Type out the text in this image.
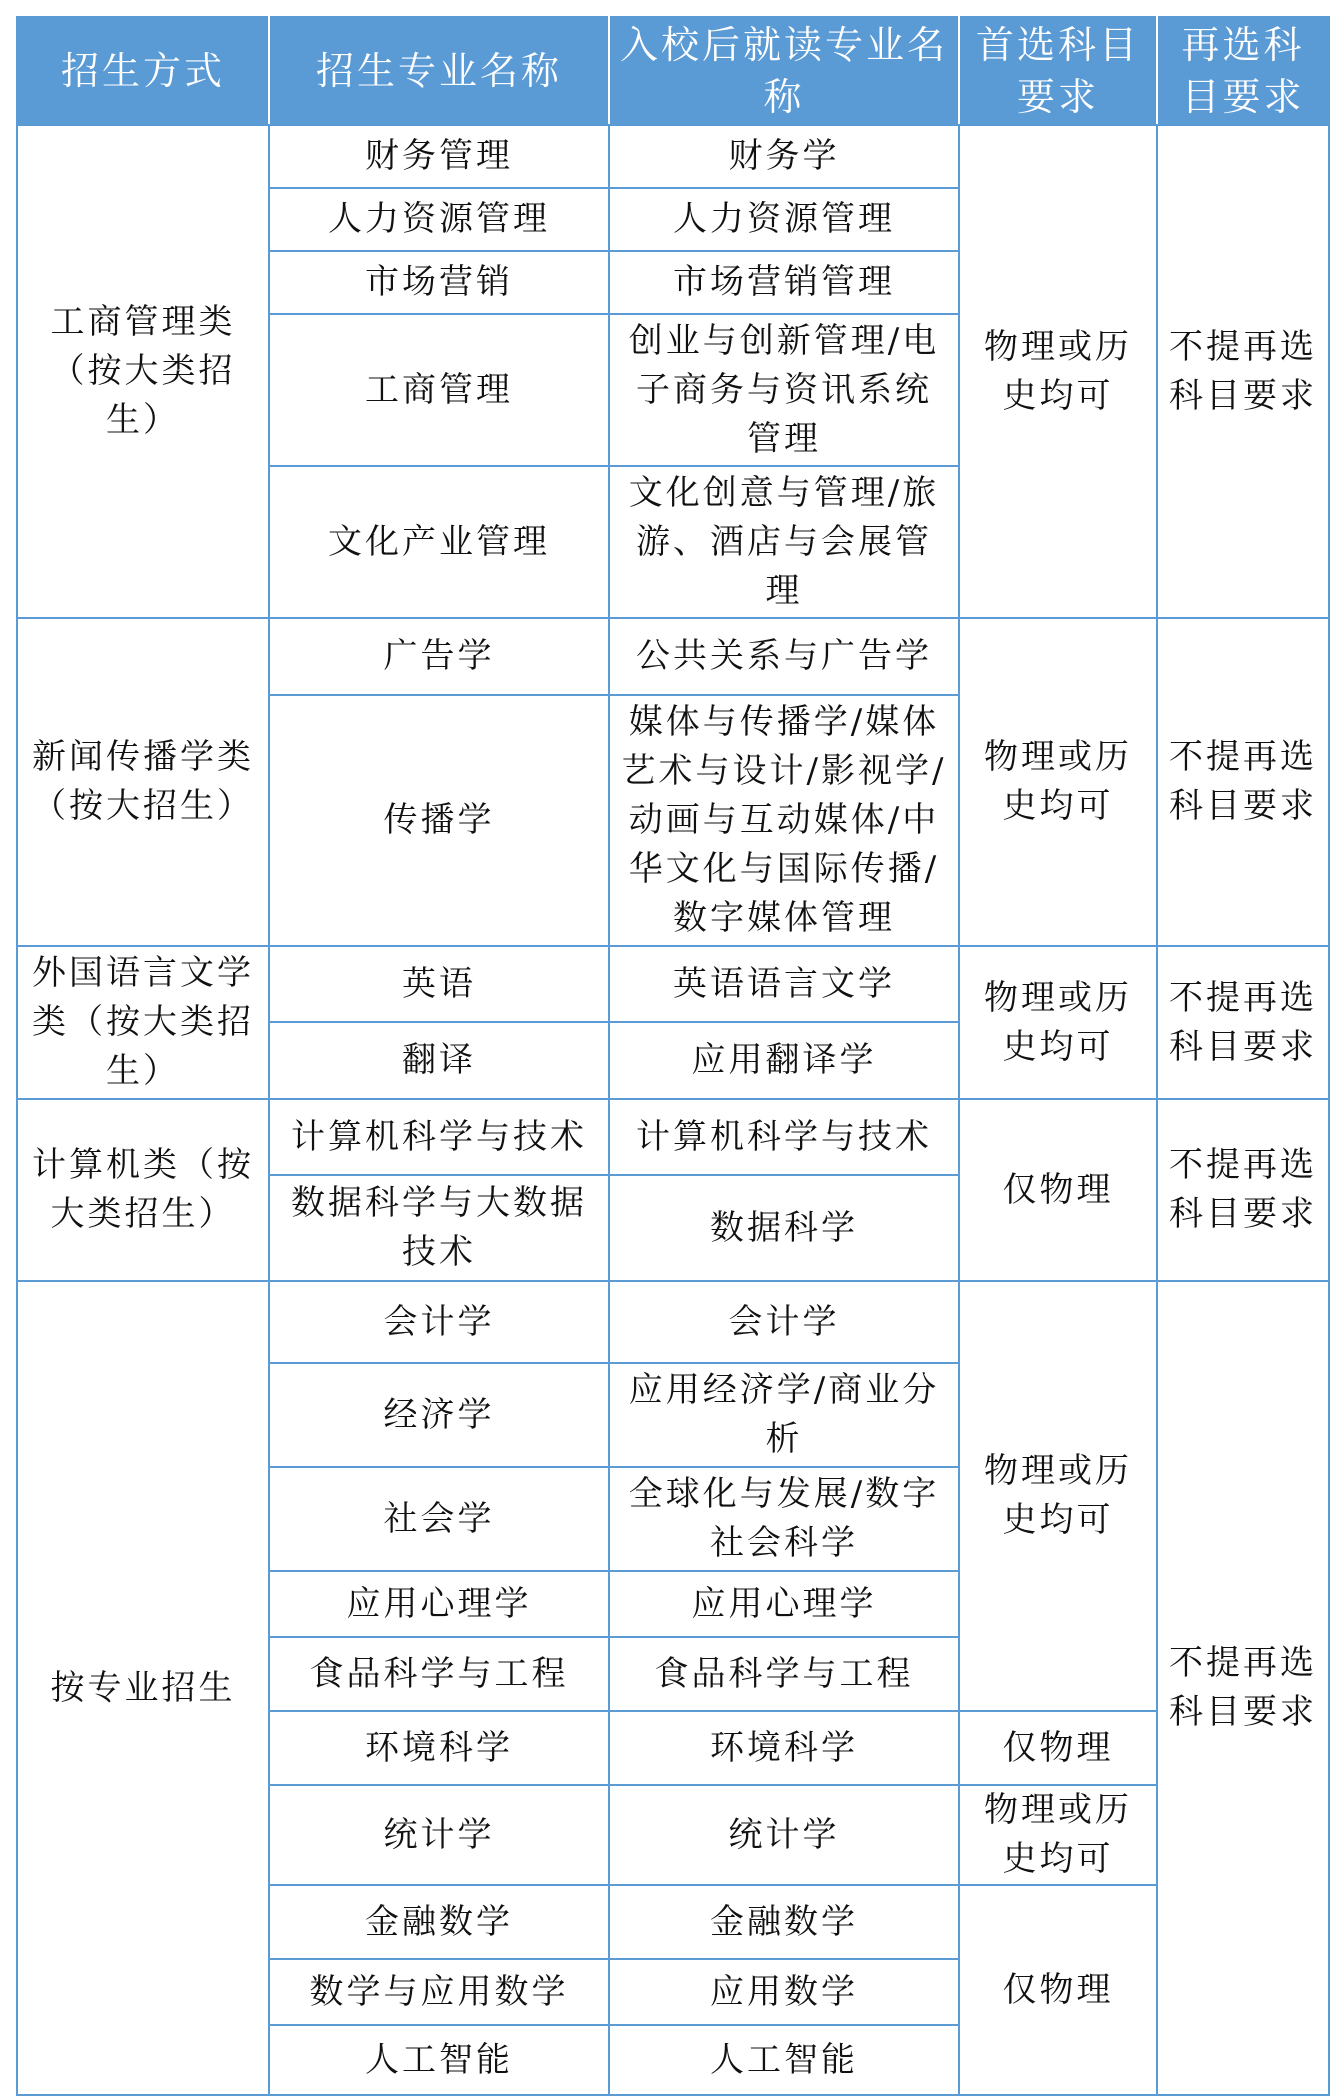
招生方式	招生专业名称	入校后就读专业名称	首选科目要求	再选科目要求
工商管理类（按大类招生）	财务管理	财务学	物理或历史均可	不提再选科目要求
	人力资源管理	人力资源管理		
	市场营销	市场营销管理		
	工商管理	创业与创新管理/电子商务与资讯系统管理		
	文化产业管理	文化创意与管理/旅游、酒店与会展管理		
新闻传播学类（按大招生）	广告学	公共关系与广告学	物理或历史均可	不提再选科目要求
	传播学	媒体与传播学/媒体艺术与设计/影视学/动画与互动媒体/中华文化与国际传播/数字媒体管理		
外国语言文学类（按大类招生）	英语	英语语言文学	物理或历史均可	不提再选科目要求
	翻译	应用翻译学		
计算机类（按大类招生）	计算机科学与技术	计算机科学与技术	仅物理	不提再选科目要求
	数据科学与大数据技术	数据科学		
按专业招生	会计学	会计学	物理或历史均可	不提再选科目要求
	经济学	应用经济学/商业分析		
	社会学	全球化与发展/数字社会科学		
	应用心理学	应用心理学		
	食品科学与工程	食品科学与工程		
	环境科学	环境科学	仅物理	
	统计学	统计学	物理或历史均可	
	金融数学	金融数学	仅物理	
	数学与应用数学	应用数学		
	人工智能	人工智能		
